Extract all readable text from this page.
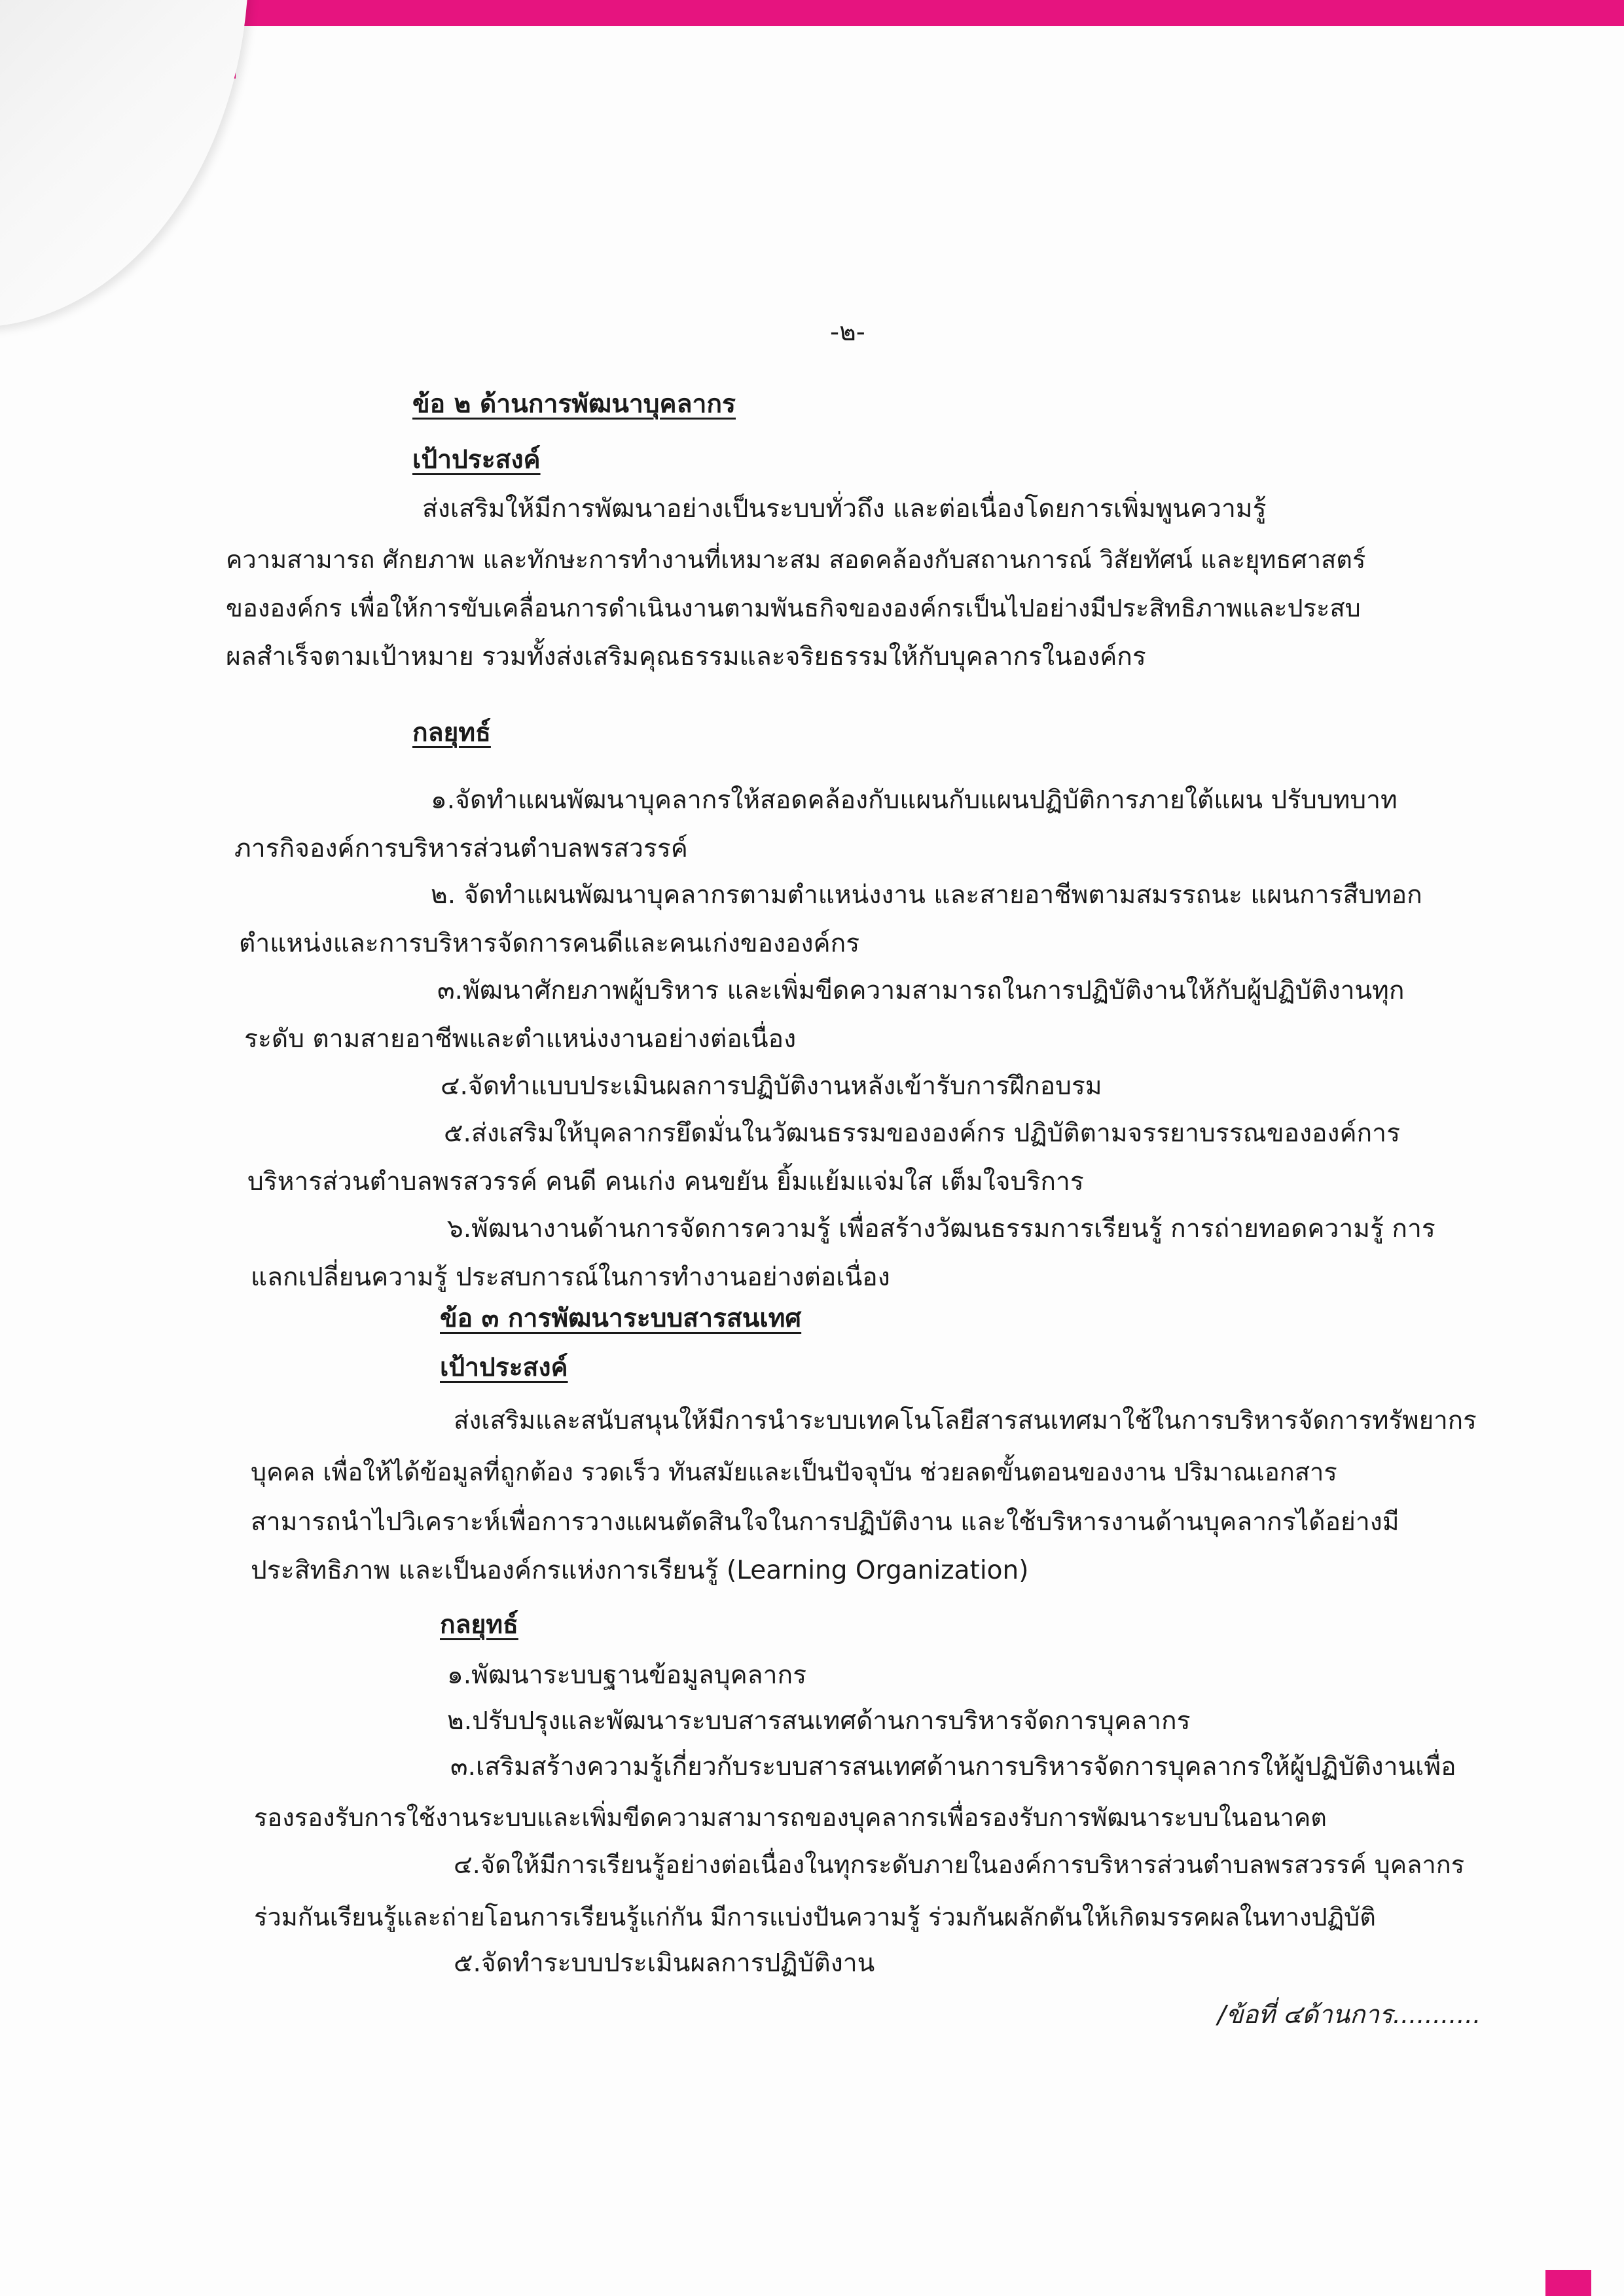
-๒-
ข้อ ๒ ด้านการพัฒนาบุคลากร
เป้าประสงค์
ส่งเสริมให้มีการพัฒนาอย่างเป็นระบบทั่วถึง และต่อเนื่องโดยการเพิ่มพูนความรู้
ความสามารถ ศักยภาพ และทักษะการทำงานที่เหมาะสม สอดคล้องกับสถานการณ์ วิสัยทัศน์ และยุทธศาสตร์
ขององค์กร เพื่อให้การขับเคลื่อนการดำเนินงานตามพันธกิจขององค์กรเป็นไปอย่างมีประสิทธิภาพและประสบ
ผลสำเร็จตามเป้าหมาย รวมทั้งส่งเสริมคุณธรรมและจริยธรรมให้กับบุคลากรในองค์กร
กลยุทธ์
๑.จัดทำแผนพัฒนาบุคลากรให้สอดคล้องกับแผนกับแผนปฏิบัติการภายใต้แผน ปรับบทบาท
ภารกิจองค์การบริหารส่วนตำบลพรสวรรค์
๒. จัดทำแผนพัฒนาบุคลากรตามตำแหน่งงาน และสายอาชีพตามสมรรถนะ แผนการสืบทอก
ตำแหน่งและการบริหารจัดการคนดีและคนเก่งขององค์กร
๓.พัฒนาศักยภาพผู้บริหาร และเพิ่มขีดความสามารถในการปฏิบัติงานให้กับผู้ปฏิบัติงานทุก
ระดับ ตามสายอาชีพและตำแหน่งงานอย่างต่อเนื่อง
๔.จัดทำแบบประเมินผลการปฏิบัติงานหลังเข้ารับการฝึกอบรม
๕.ส่งเสริมให้บุคลากรยึดมั่นในวัฒนธรรมขององค์กร ปฏิบัติตามจรรยาบรรณขององค์การ
บริหารส่วนตำบลพรสวรรค์ คนดี คนเก่ง คนขยัน ยิ้มแย้มแจ่มใส เต็มใจบริการ
๖.พัฒนางานด้านการจัดการความรู้ เพื่อสร้างวัฒนธรรมการเรียนรู้ การถ่ายทอดความรู้ การ
แลกเปลี่ยนความรู้ ประสบการณ์ในการทำงานอย่างต่อเนื่อง
ข้อ ๓ การพัฒนาระบบสารสนเทศ
เป้าประสงค์
ส่งเสริมและสนับสนุนให้มีการนำระบบเทคโนโลยีสารสนเทศมาใช้ในการบริหารจัดการทรัพยากร
บุคคล เพื่อให้ได้ข้อมูลที่ถูกต้อง รวดเร็ว ทันสมัยและเป็นปัจจุบัน ช่วยลดขั้นตอนของงาน ปริมาณเอกสาร
สามารถนำไปวิเคราะห์เพื่อการวางแผนตัดสินใจในการปฏิบัติงาน และใช้บริหารงานด้านบุคลากรได้อย่างมี
ประสิทธิภาพ และเป็นองค์กรแห่งการเรียนรู้ (Learning Organization)
กลยุทธ์
๑.พัฒนาระบบฐานข้อมูลบุคลากร
๒.ปรับปรุงและพัฒนาระบบสารสนเทศด้านการบริหารจัดการบุคลากร
๓.เสริมสร้างความรู้เกี่ยวกับระบบสารสนเทศด้านการบริหารจัดการบุคลากรให้ผู้ปฏิบัติงานเพื่อ
รองรองรับการใช้งานระบบและเพิ่มขีดความสามารถของบุคลากรเพื่อรองรับการพัฒนาระบบในอนาคต
๔.จัดให้มีการเรียนรู้อย่างต่อเนื่องในทุกระดับภายในองค์การบริหารส่วนตำบลพรสวรรค์ บุคลากร
ร่วมกันเรียนรู้และถ่ายโอนการเรียนรู้แก่กัน มีการแบ่งปันความรู้ ร่วมกันผลักดันให้เกิดมรรคผลในทางปฏิบัติ
๕.จัดทำระบบประเมินผลการปฏิบัติงาน
/ข้อที่ ๔ด้านการ...........
